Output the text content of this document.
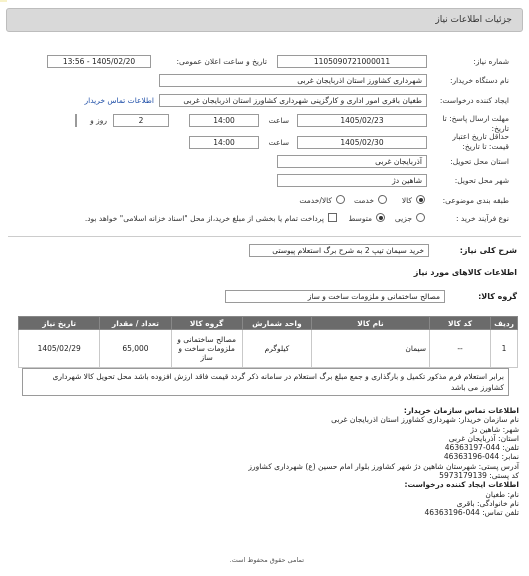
جزئیات اطلاعات نیاز
شماره نیاز:
1105090721000011
تاریخ و ساعت اعلان عمومی:
1405/02/20 - 13:56
نام دستگاه خریدار:
شهرداری کشاورز استان اذربایجان غربی
ایجاد کننده درخواست:
طغیان باقری امور اداری و کارگزینی شهرداری کشاورز استان اذربایجان غربی
اطلاعات تماس خریدار
مهلت ارسال پاسخ: تا تاریخ:
1405/02/23
ساعت
14:00
2
روز و
حداقل تاریخ اعتبار قیمت: تا تاریخ:
1405/02/30
ساعت
14:00
استان محل تحویل:
آذربایجان غربی
شهر محل تحویل:
شاهین دژ
طبقه بندی موضوعی:
کالا
خدمت
کالا/خدمت
نوع فرآیند خرید :
جزیی
متوسط
پرداخت تمام یا بخشی از مبلغ خرید،از محل "اسناد خزانه اسلامی" خواهد بود.
شرح کلی نیاز:
خرید سیمان تیپ 2 به شرح برگ استعلام پیوستی
اطلاعات کالاهای مورد نیاز
گروه کالا:
مصالح ساختمانی و ملزومات ساخت و ساز
ردیف	کد کالا	نام کالا	واحد شمارش	گروه کالا	تعداد / مقدار	تاریخ نیاز
1	--	سیمان	کیلوگرم	مصالح ساختمانی و ملزومات ساخت و ساز	65,000	1405/02/29
برابر استعلام فرم مذکور تکمیل و بارگذاری و جمع مبلغ برگ استعلام در سامانه ذکر گردد قیمت فاقد ارزش افزوده باشد محل تحویل کالا شهرداری کشاورز می باشد
اطلاعات تماس سازمان خریدار:
نام سازمان خریدار: شهرداری کشاورز استان اذربایجان غربی
شهر: شاهین دژ
استان: آذربایجان غربی
تلفن: 044-46363197
نمابر: 044-46363196
آدرس پستی: شهرستان شاهین دژ شهر کشاورز بلوار امام حسین (ع) شهرداری کشاورز
کد پستی: 5973179139
اطلاعات ایجاد کننده درخواست:
نام: طغیان
نام خانوادگی: باقری
تلفن تماس: 044-46363196
تمامی حقوق محفوظ است.
